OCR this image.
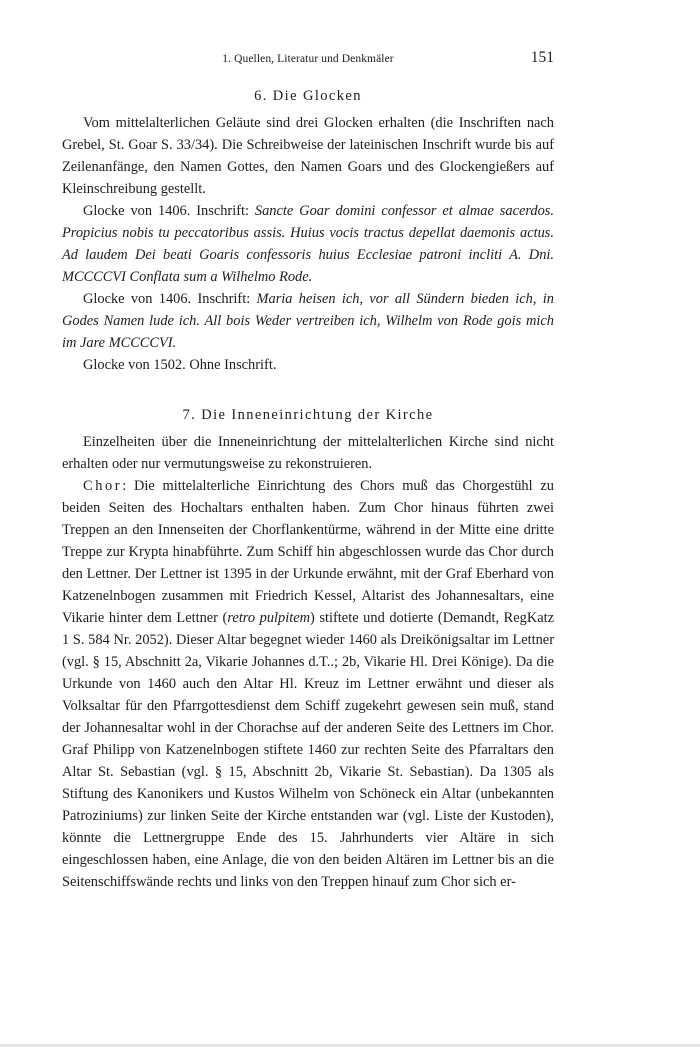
1. Quellen, Literatur und Denkmäler	151
6. Die Glocken

Vom mittelalterlichen Geläute sind drei Glocken erhalten (die Inschriften nach Grebel, St. Goar S. 33/34). Die Schreibweise der lateinischen Inschrift wurde bis auf Zeilenanfänge, den Namen Gottes, den Namen Goars und des Glockengießers auf Kleinschreibung gestellt.

Glocke von 1406. Inschrift: Sancte Goar domini confessor et almae sacerdos. Propicius nobis tu peccatoribus assis. Huius vocis tractus depellat daemonis actus. Ad laudem Dei beati Goaris confessoris huius Ecclesiae patroni incliti A. Dni. MCCCCVI Conflata sum a Wilhelmo Rode.

Glocke von 1406. Inschrift: Maria heisen ich, vor all Sündern bieden ich, in Godes Namen lude ich. All bois Weder vertreiben ich, Wilhelm von Rode gois mich im Jare MCCCCVI.

Glocke von 1502. Ohne Inschrift.

7. Die Inneneinrichtung der Kirche

Einzelheiten über die Inneneinrichtung der mittelalterlichen Kirche sind nicht erhalten oder nur vermutungsweise zu rekonstruieren.

Chor: Die mittelalterliche Einrichtung des Chors muß das Chorgestühl zu beiden Seiten des Hochaltars enthalten haben. Zum Chor hinaus führten zwei Treppen an den Innenseiten der Chorflankentürme, während in der Mitte eine dritte Treppe zur Krypta hinabführte. Zum Schiff hin abgeschlossen wurde das Chor durch den Lettner. Der Lettner ist 1395 in der Urkunde erwähnt, mit der Graf Eberhard von Katzenelnbogen zusammen mit Friedrich Kessel, Altarist des Johannesaltars, eine Vikarie hinter dem Lettner (retro pulpitem) stiftete und dotierte (Demandt, RegKatz 1 S. 584 Nr. 2052). Dieser Altar begegnet wieder 1460 als Dreikönigsaltar im Lettner (vgl. § 15, Abschnitt 2a, Vikarie Johannes d.T..; 2b, Vikarie Hl. Drei Könige). Da die Urkunde von 1460 auch den Altar Hl. Kreuz im Lettner erwähnt und dieser als Volksaltar für den Pfarrgottesdienst dem Schiff zugekehrt gewesen sein muß, stand der Johannesaltar wohl in der Chorachse auf der anderen Seite des Lettners im Chor. Graf Philipp von Katzenelnbogen stiftete 1460 zur rechten Seite des Pfarraltars den Altar St. Sebastian (vgl. § 15, Abschnitt 2b, Vikarie St. Sebastian). Da 1305 als Stiftung des Kanonikers und Kustos Wilhelm von Schöneck ein Altar (unbekannten Patroziniums) zur linken Seite der Kirche entstanden war (vgl. Liste der Kustoden), könnte die Lettnergruppe Ende des 15. Jahrhunderts vier Altäre in sich eingeschlossen haben, eine Anlage, die von den beiden Altären im Lettner bis an die Seitenschiffswände rechts und links von den Treppen hinauf zum Chor sich er-
